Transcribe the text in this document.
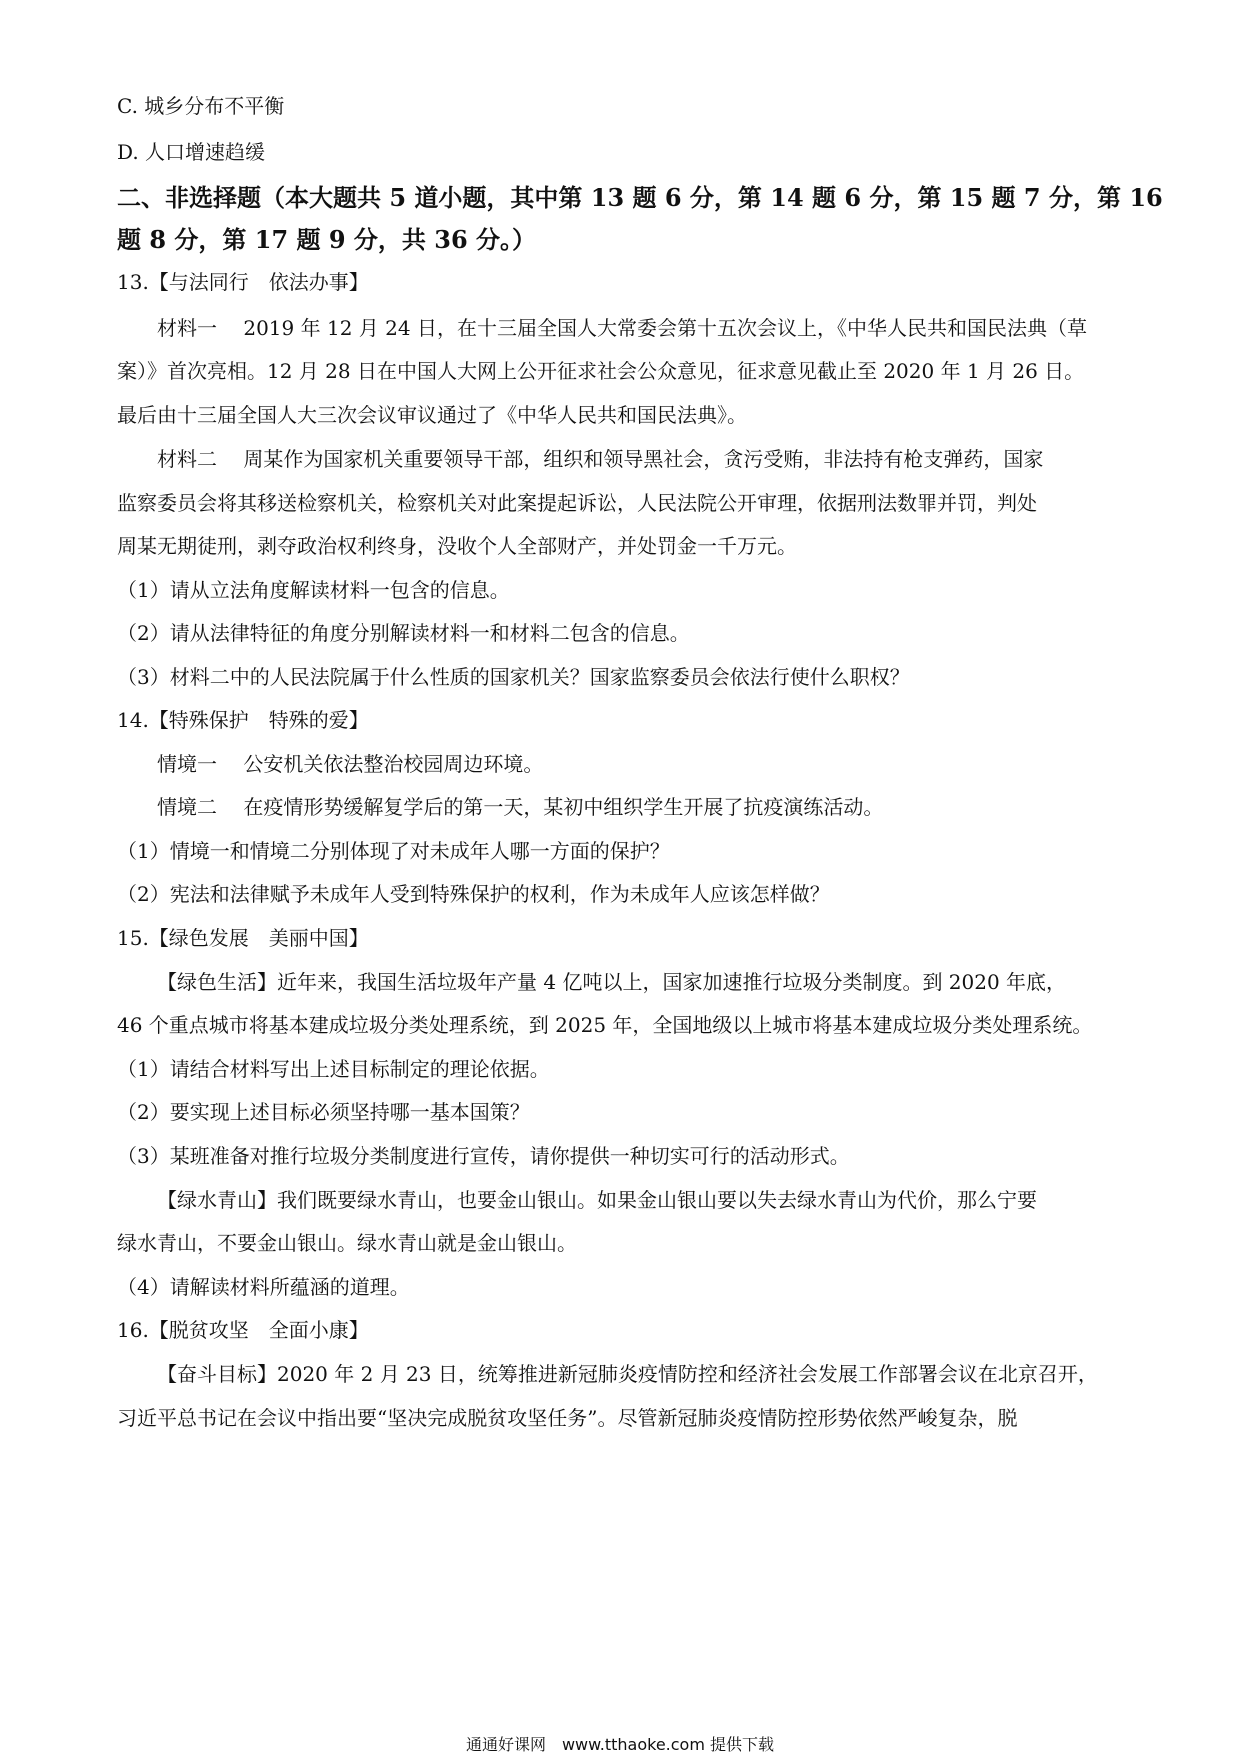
C. 城乡分布不平衡
D. 人口增速趋缓
二、非选择题（本大题共 5 道小题，其中第 13 题 6 分，第 14 题 6 分，第 15 题 7 分，第 16
题 8 分，第 17 题 9 分，共 36 分。）
13.【与法同行　依法办事】
材料一　 2019 年 12 月 24 日，在十三届全国人大常委会第十五次会议上，《中华人民共和国民法典（草
案）》首次亮相。12 月 28 日在中国人大网上公开征求社会公众意见，征求意见截止至 2020 年 1 月 26 日。
最后由十三届全国人大三次会议审议通过了《中华人民共和国民法典》。
材料二　 周某作为国家机关重要领导干部，组织和领导黑社会，贪污受贿，非法持有枪支弹药，国家
监察委员会将其移送检察机关，检察机关对此案提起诉讼，人民法院公开审理，依据刑法数罪并罚，判处
周某无期徒刑，剥夺政治权利终身，没收个人全部财产，并处罚金一千万元。
（1）请从立法角度解读材料一包含的信息。
（2）请从法律特征的角度分别解读材料一和材料二包含的信息。
（3）材料二中的人民法院属于什么性质的国家机关？国家监察委员会依法行使什么职权？
14.【特殊保护　特殊的爱】
情境一　 公安机关依法整治校园周边环境。
情境二　 在疫情形势缓解复学后的第一天，某初中组织学生开展了抗疫演练活动。
（1）情境一和情境二分别体现了对未成年人哪一方面的保护？
（2）宪法和法律赋予未成年人受到特殊保护的权利，作为未成年人应该怎样做？
15.【绿色发展　美丽中国】
【绿色生活】近年来，我国生活垃圾年产量 4 亿吨以上，国家加速推行垃圾分类制度。到 2020 年底，
46 个重点城市将基本建成垃圾分类处理系统，到 2025 年，全国地级以上城市将基本建成垃圾分类处理系统。
（1）请结合材料写出上述目标制定的理论依据。
（2）要实现上述目标必须坚持哪一基本国策？
（3）某班准备对推行垃圾分类制度进行宣传，请你提供一种切实可行的活动形式。
【绿水青山】我们既要绿水青山，也要金山银山。如果金山银山要以失去绿水青山为代价，那么宁要
绿水青山，不要金山银山。绿水青山就是金山银山。
（4）请解读材料所蕴涵的道理。
16.【脱贫攻坚　全面小康】
【奋斗目标】2020 年 2 月 23 日，统筹推进新冠肺炎疫情防控和经济社会发展工作部署会议在北京召开，
习近平总书记在会议中指出要“坚决完成脱贫攻坚任务”。尽管新冠肺炎疫情防控形势依然严峻复杂，脱
通通好课网　www.tthaoke.com 提供下载
